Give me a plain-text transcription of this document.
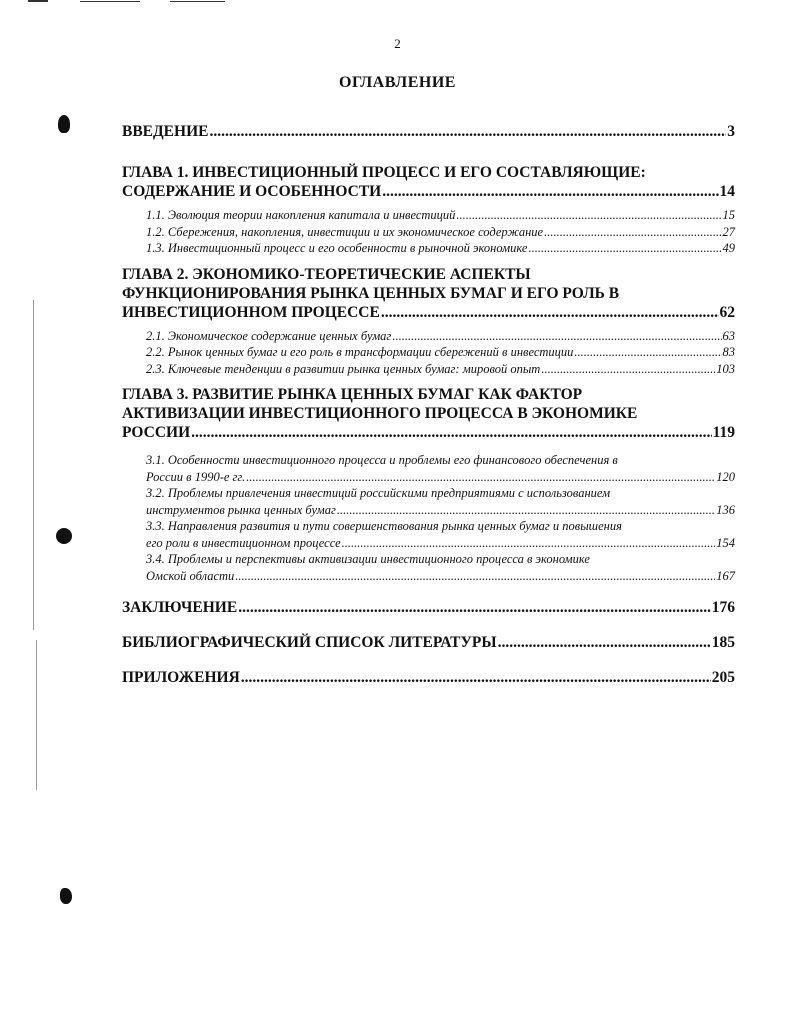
2
ОГЛАВЛЕНИЕ
ВВЕДЕНИЕ .....	3
ГЛАВА 1. ИНВЕСТИЦИОННЫЙ ПРОЦЕСС И ЕГО СОСТАВЛЯЮЩИЕ:
СОДЕРЖАНИЕ И ОСОБЕННОСТИ .....	14
1.1. Эволюция теории накопления капитала и инвестиций .....	15
1.2. Сбережения, накопления, инвестиции и их экономическое содержание .....	27
1.3. Инвестиционный процесс и его особенности в рыночной экономике .....	49
ГЛАВА 2. ЭКОНОМИКО-ТЕОРЕТИЧЕСКИЕ АСПЕКТЫ
ФУНКЦИОНИРОВАНИЯ РЫНКА ЦЕННЫХ БУМАГ И ЕГО РОЛЬ В
ИНВЕСТИЦИОННОМ ПРОЦЕССЕ .....	62
2.1. Экономическое содержание ценных бумаг .....	63
2.2. Рынок ценных бумаг и его роль в трансформации сбережений в инвестиции .....	83
2.3. Ключевые тенденции в развитии рынка ценных бумаг: мировой опыт .....	103
ГЛАВА 3. РАЗВИТИЕ РЫНКА ЦЕННЫХ БУМАГ КАК ФАКТОР
АКТИВИЗАЦИИ ИНВЕСТИЦИОННОГО ПРОЦЕССА В ЭКОНОМИКЕ
РОССИИ .....	119
3.1. Особенности инвестиционного процесса и проблемы его финансового обеспечения в
России в 1990-е гг. .....	120
3.2. Проблемы привлечения инвестиций российскими предприятиями с использованием
инструментов рынка ценных бумаг .....	136
3.3. Направления развития и пути совершенствования рынка ценных бумаг и повышения
его роли в инвестиционном процессе .....	154
3.4. Проблемы и перспективы активизации инвестиционного процесса в экономике
Омской области .....	167
ЗАКЛЮЧЕНИЕ .....	176
БИБЛИОГРАФИЧЕСКИЙ СПИСОК ЛИТЕРАТУРЫ .....	185
ПРИЛОЖЕНИЯ .....	205
